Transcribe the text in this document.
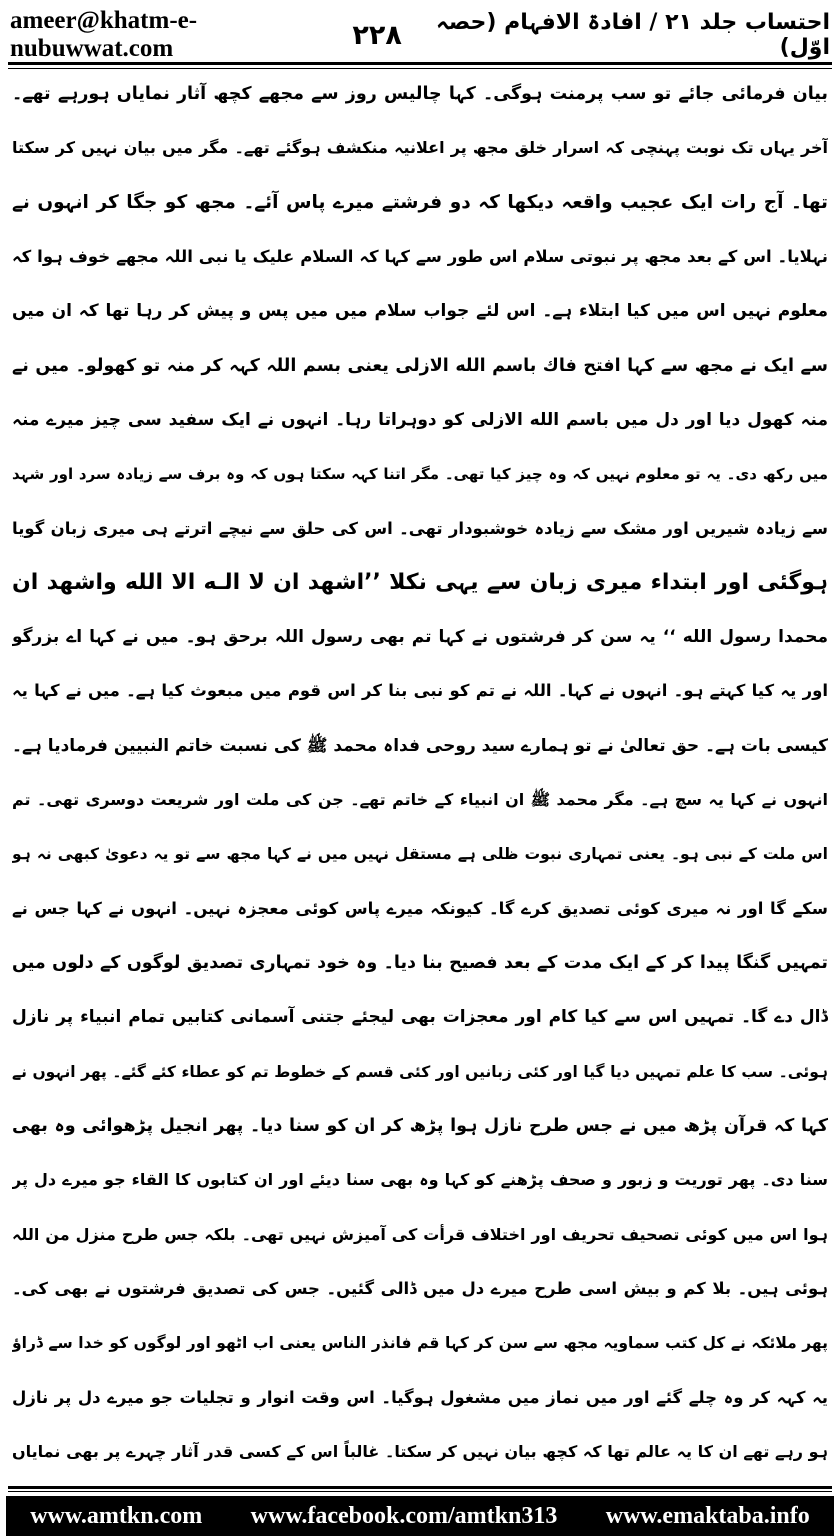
ameer@khatm-e-nubuwwat.com	۲۲۸	احتساب جلد ۲۱ / افادۃ الافہام (حصہ اوّل)
بیان فرمائی جائے تو سب پرمنت ہوگی۔ کہا چالیس روز سے مجھے کچھ آثار نمایاں ہورہے تھے۔
آخر یہاں تک نوبت پہنچی کہ اسرار خلق مجھ پر اعلانیہ منکشف ہوگئے تھے۔ مگر میں بیان نہیں کر سکتا
تھا۔ آج رات ایک عجیب واقعہ دیکھا کہ دو فرشتے میرے پاس آئے۔ مجھ کو جگا کر انہوں نے
نہلایا۔ اس کے بعد مجھ پر نبوتی سلام اس طور سے کہا کہ السلام علیک یا نبی اللہ مجھے خوف ہوا کہ
معلوم نہیں اس میں کیا ابتلاء ہے۔ اس لئے جواب سلام میں میں پس و پیش کر رہا تھا کہ ان میں
سے ایک نے مجھ سے کہا افتح فاك باسم الله الازلی یعنی بسم اللہ کہہ کر منہ تو کھولو۔ میں نے
منہ کھول دیا اور دل میں باسم الله الازلی کو دوہراتا رہا۔ انہوں نے ایک سفید سی چیز میرے منہ
میں رکھ دی۔ یہ تو معلوم نہیں کہ وہ چیز کیا تھی۔ مگر اتنا کہہ سکتا ہوں کہ وہ برف سے زیادہ سرد اور شہد
سے زیادہ شیریں اور مشک سے زیادہ خوشبودار تھی۔ اس کی حلق سے نیچے اترتے ہی میری زبان گویا
ہوگئی اور ابتداء میری زبان سے یہی نکلا ’’اشهد ان لا الـه الا الله واشهد ان
محمدا رسول الله ‘‘ یہ سن کر فرشتوں نے کہا تم بھی رسول اللہ برحق ہو۔ میں نے کہا اے بزرگو
اور یہ کیا کہتے ہو۔ انہوں نے کہا۔ اللہ نے تم کو نبی بنا کر اس قوم میں مبعوث کیا ہے۔ میں نے کہا یہ
کیسی بات ہے۔ حق تعالیٰ نے تو ہمارے سید روحی فداہ محمد ﷺ کی نسبت خاتم النبیین فرمادیا ہے۔
انہوں نے کہا یہ سچ ہے۔ مگر محمد ﷺ ان انبیاء کے خاتم تھے۔ جن کی ملت اور شریعت دوسری تھی۔ تم
اس ملت کے نبی ہو۔ یعنی تمہاری نبوت ظلی ہے مستقل نہیں میں نے کہا مجھ سے تو یہ دعویٰ کبھی نہ ہو
سکے گا اور نہ میری کوئی تصدیق کرے گا۔ کیونکہ میرے پاس کوئی معجزہ نہیں۔ انہوں نے کہا جس نے
تمہیں گنگا پیدا کر کے ایک مدت کے بعد فصیح بنا دیا۔ وہ خود تمہاری تصدیق لوگوں کے دلوں میں
ڈال دے گا۔ تمہیں اس سے کیا کام اور معجزات بھی لیجئے جتنی آسمانی کتابیں تمام انبیاء پر نازل
ہوئی۔ سب کا علم تمہیں دیا گیا اور کئی زبانیں اور کئی قسم کے خطوط تم کو عطاء کئے گئے۔ پھر انہوں نے
کہا کہ قرآن پڑھ میں نے جس طرح نازل ہوا پڑھ کر ان کو سنا دیا۔ پھر انجیل پڑھوائی وہ بھی
سنا دی۔ پھر توریت و زبور و صحف پڑھنے کو کہا وہ بھی سنا دیئے اور ان کتابوں کا القاء جو میرے دل پر
ہوا اس میں کوئی تصحیف تحریف اور اختلاف قرأت کی آمیزش نہیں تھی۔ بلکہ جس طرح منزل من اللہ
ہوئی ہیں۔ بلا کم و بیش اسی طرح میرے دل میں ڈالی گئیں۔ جس کی تصدیق فرشتوں نے بھی کی۔
پھر ملائکہ نے کل کتب سماویہ مجھ سے سن کر کہا قم فانذر الناس یعنی اب اٹھو اور لوگوں کو خدا سے ڈراؤ
یہ کہہ کر وہ چلے گئے اور میں نماز میں مشغول ہوگیا۔ اس وقت انوار و تجلیات جو میرے دل پر نازل
ہو رہے تھے ان کا یہ عالم تھا کہ کچھ بیان نہیں کر سکتا۔ غالباً اس کے کسی قدر آثار چہرے پر بھی نمایاں
www.amtkn.com www.facebook.com/amtkn313 www.emaktaba.info
